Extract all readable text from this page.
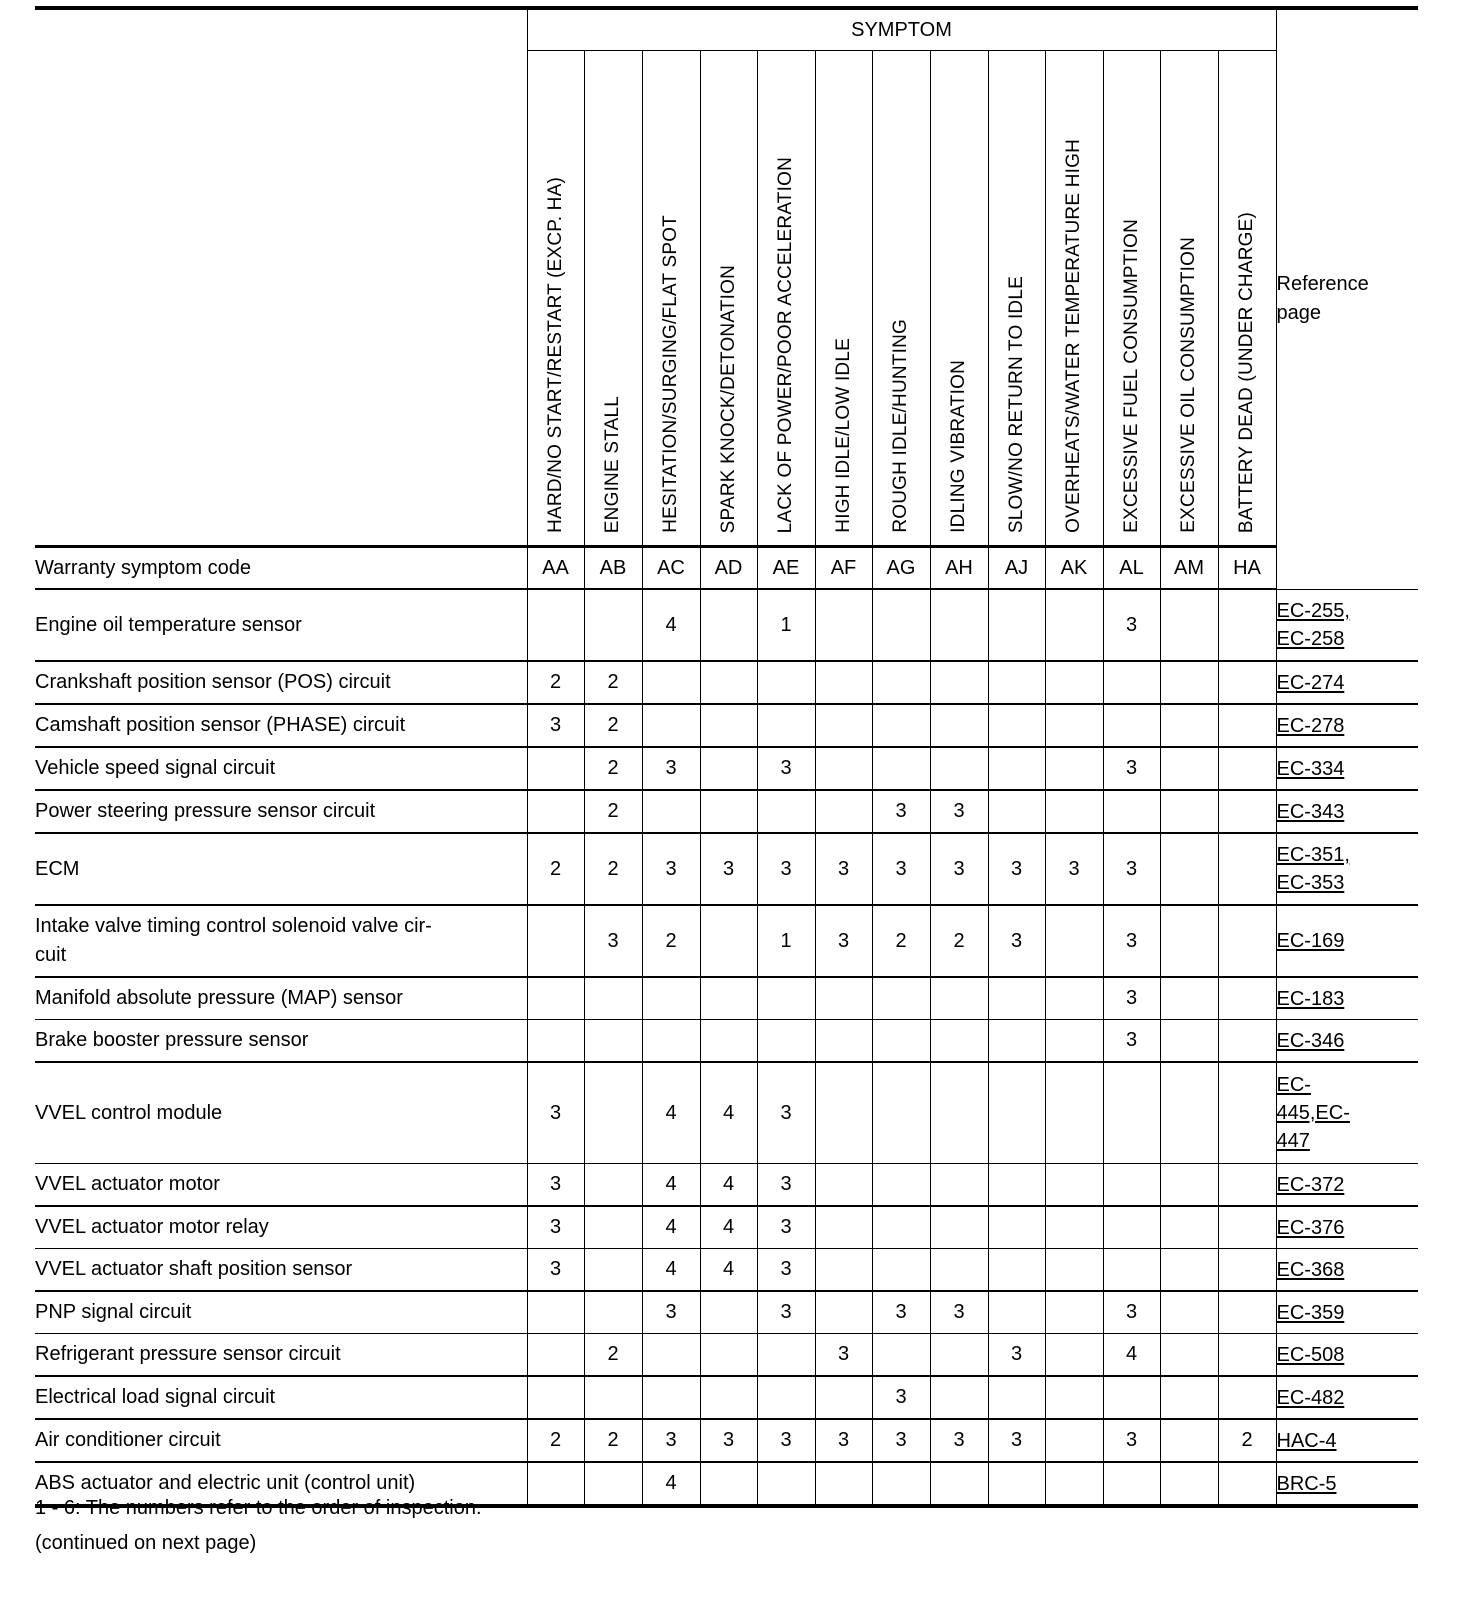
	SYMPTOM													Reference page

	HARD/NO START/RESTART (EXCP. HA)	ENGINE STALL	HESITATION/SURGING/FLAT SPOT	SPARK KNOCK/DETONATION	LACK OF POWER/POOR ACCELERATION	HIGH IDLE/LOW IDLE	ROUGH IDLE/HUNTING	IDLING VIBRATION	SLOW/NO RETURN TO IDLE	OVERHEATS/WATER TEMPERATURE HIGH	EXCESSIVE FUEL CONSUMPTION	EXCESSIVE OIL CONSUMPTION	BATTERY DEAD (UNDER CHARGE)	

Warranty symptom code	AA	AB	AC	AD	AE	AF	AG	AH	AJ	AK	AL	AM	HA	
Engine oil temperature sensor			4		1						3			EC-255,
EC-258
Crankshaft position sensor (POS) circuit	2	2												EC-274
Camshaft position sensor (PHASE) circuit	3	2												EC-278
Vehicle speed signal circuit		2	3		3						3			EC-334
Power steering pressure sensor circuit		2					3	3						EC-343
ECM	2	2	3	3	3	3	3	3	3	3	3			EC-351,
EC-353
Intake valve timing control solenoid valve cir-
cuit		3	2		1	3	2	2	3		3			EC-169
Manifold absolute pressure (MAP) sensor											3			EC-183
Brake booster pressure sensor											3			EC-346
VVEL control module	3		4	4	3									EC-
445,EC-
447
VVEL actuator motor	3		4	4	3									EC-372
VVEL actuator motor relay	3		4	4	3									EC-376
VVEL actuator shaft position sensor	3		4	4	3									EC-368
PNP signal circuit			3		3		3	3			3			EC-359
Refrigerant pressure sensor circuit		2				3			3		4			EC-508
Electrical load signal circuit							3							EC-482
Air conditioner circuit	2	2	3	3	3	3	3	3	3		3		2	HAC-4
ABS actuator and electric unit (control unit)			4											BRC-5
1 - 6: The numbers refer to the order of inspection.
(continued on next page)
